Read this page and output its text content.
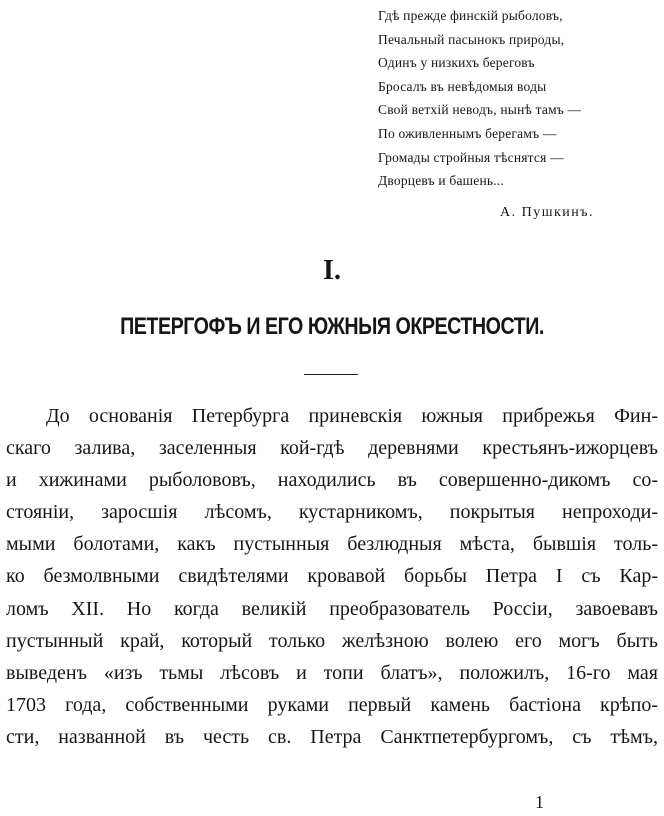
Гдѣ прежде финскій рыболовъ,
Печальный пасынокъ природы,
Одинъ у низкихъ береговъ
Бросалъ въ невѣдомыя воды
Свой ветхій неводъ, нынѣ тамъ —
По оживленнымъ берегамъ —
Громады стройныя тѣснятся —
Дворцевъ и башень...
А. Пушкинъ.
I.
ПЕТЕРГОФЪ И ЕГО ЮЖНЫЯ ОКРЕСТНОСТИ.
До основанія Петербурга приневскія южныя прибрежья Фин-
скаго залива, заселенныя кой-гдѣ деревнями крестьянъ-ижорцевъ
и хижинами рыболововъ, находились въ совершенно-дикомъ со-
стояніи, заросшія лѣсомъ, кустарникомъ, покрытыя непроходи-
мыми болотами, какъ пустынныя безлюдныя мѣста, бывшія толь-
ко безмолвными свидѣтелями кровавой борьбы Петра I съ Кар-
ломъ XII. Но когда великій преобразователь Россіи, завоевавъ
пустынный край, который только желѣзною волею его могъ быть
выведенъ «изъ тьмы лѣсовъ и топи блатъ», положилъ, 16-го мая
1703 года, собственными руками первый камень бастіона крѣпо-
сти, названной въ честь св. Петра Санктпетербургомъ, съ тѣмъ,
1
